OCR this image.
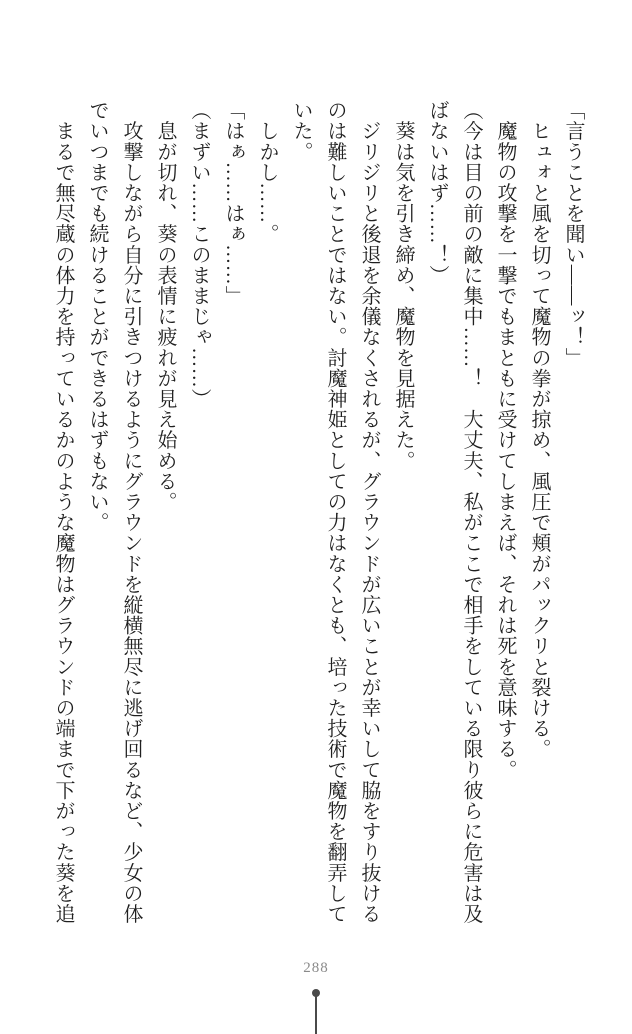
「言うことを聞い――ッ！」

　ヒュォと風を切って魔物の拳が掠め、風圧で頬がパックリと裂ける。

　魔物の攻撃を一撃でもまともに受けてしまえば、それは死を意味する。

（今は目の前の敵に集中……！　大丈夫、私がここで相手をしている限り彼らに危害は及

ばないはず……！）

　葵は気を引き締め、魔物を見据えた。

　ジリジリと後退を余儀なくされるが、グラウンドが広いことが幸いして脇をすり抜ける

のは難しいことではない。討魔神姫としての力はなくとも、培った技術で魔物を翻弄して

いた。

　しかし……。

「はぁ……はぁ……」

（まずい……このままじゃ……）

　息が切れ、葵の表情に疲れが見え始める。

　攻撃しながら自分に引きつけるようにグラウンドを縦横無尽に逃げ回るなど、少女の体

でいつまでも続けることができるはずもない。

　まるで無尽蔵の体力を持っているかのような魔物はグラウンドの端まで下がった葵を追

288
